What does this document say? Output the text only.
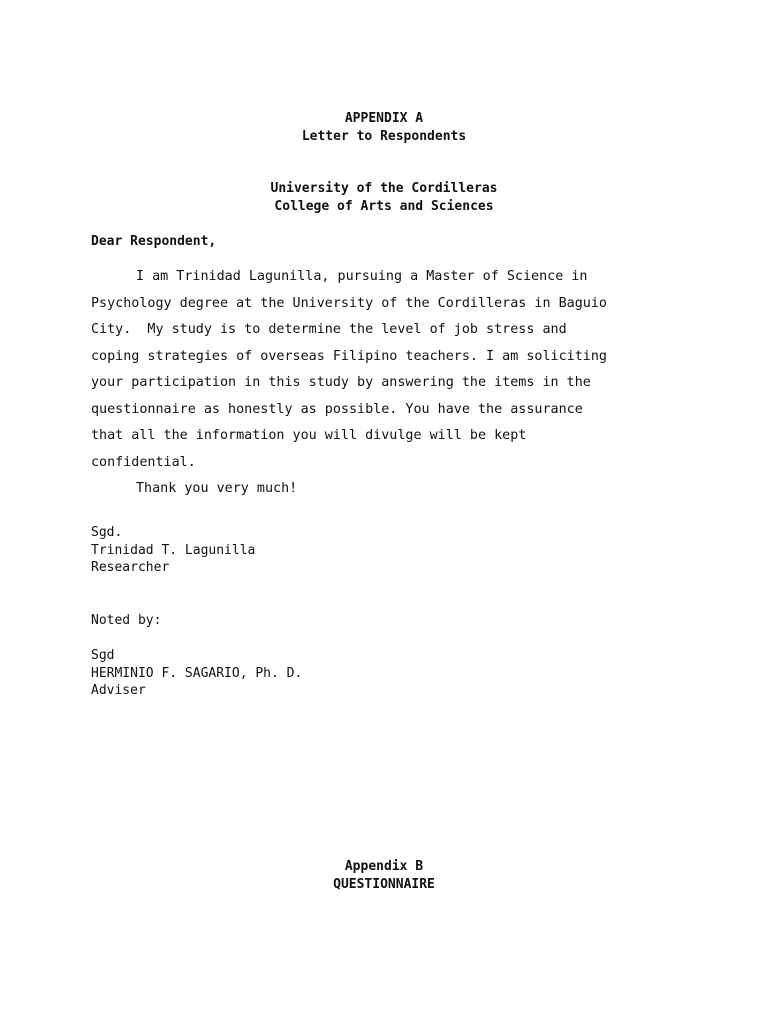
APPENDIX A
Letter to Respondents
University of the Cordilleras
College of Arts and Sciences
Dear Respondent,
I am Trinidad Lagunilla, pursuing a Master of Science in
Psychology degree at the University of the Cordilleras in Baguio
City.  My study is to determine the level of job stress and
coping strategies of overseas Filipino teachers. I am soliciting
your participation in this study by answering the items in the
questionnaire as honestly as possible. You have the assurance
that all the information you will divulge will be kept
confidential.
Thank you very much!
Sgd.
Trinidad T. Lagunilla
Researcher
Noted by:
Sgd
HERMINIO F. SAGARIO, Ph. D.
Adviser
Appendix B
QUESTIONNAIRE
